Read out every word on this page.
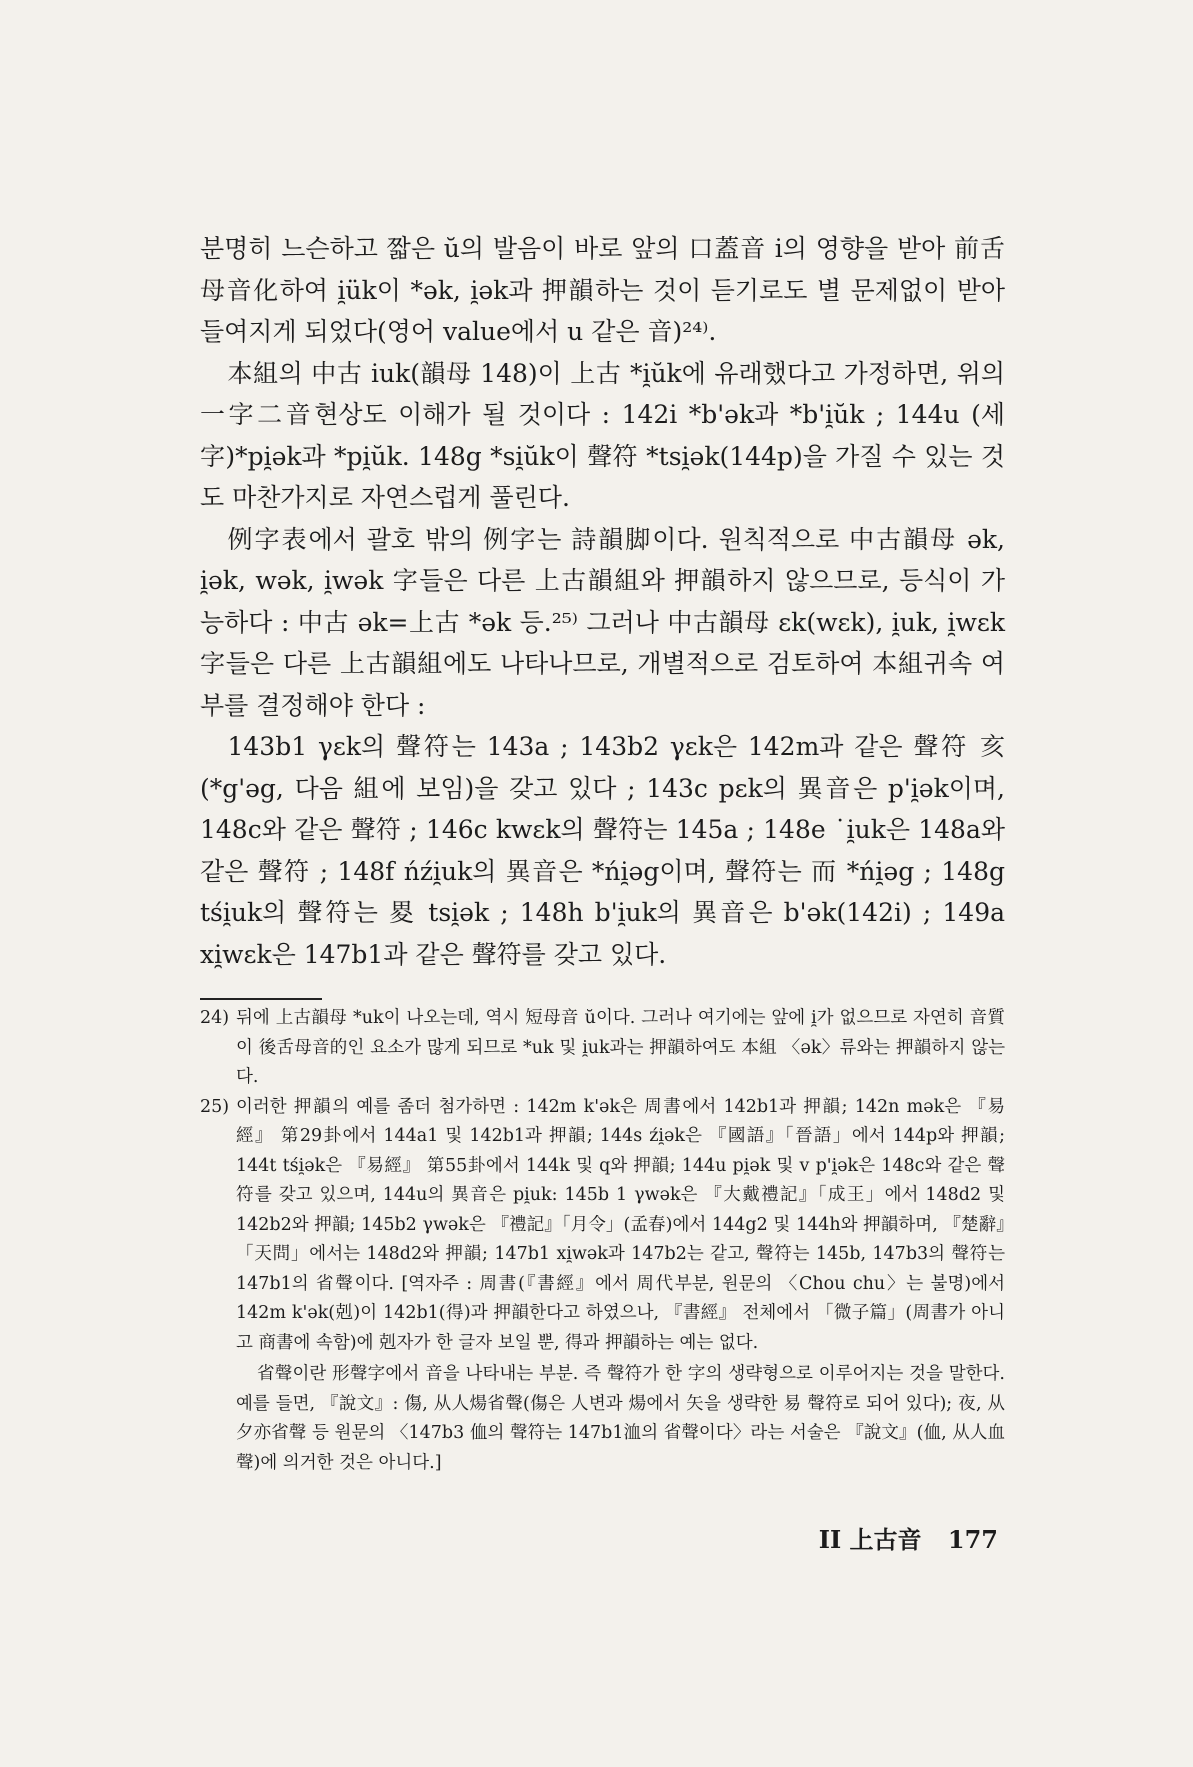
분명히 느슨하고 짧은 ŭ의 발음이 바로 앞의 口蓋音 i의 영향을 받아 前舌母音化하여 i̯ük이 *ək, i̯ək과 押韻하는 것이 듣기로도 별 문제없이 받아들여지게 되었다(영어 value에서 u 같은 音)²⁴⁾.

本組의 中古 iuk(韻母 148)이 上古 *i̯ŭk에 유래했다고 가정하면, 위의 一字二音현상도 이해가 될 것이다 : 142i *b'ək과 *b'i̯ŭk ; 144u (세字)*pi̯ək과 *pi̯ŭk. 148g *si̯ŭk이 聲符 *tsi̯ək(144p)을 가질 수 있는 것도 마찬가지로 자연스럽게 풀린다.

例字表에서 괄호 밖의 例字는 詩韻脚이다. 원칙적으로 中古韻母 ək, i̯ək, wək, i̯wək 字들은 다른 上古韻組와 押韻하지 않으므로, 등식이 가능하다 : 中古 ək=上古 *ək 등.²⁵⁾ 그러나 中古韻母 ɛk(wɛk), i̯uk, i̯wɛk字들은 다른 上古韻組에도 나타나므로, 개별적으로 검토하여 本組귀속 여부를 결정해야 한다 :

143b1 γɛk의 聲符는 143a ; 143b2 γɛk은 142m과 같은 聲符 亥(*g'əg, 다음 組에 보임)을 갖고 있다 ; 143c pɛk의 異音은 p'i̯ək이며, 148c와 같은 聲符 ; 146c kwɛk의 聲符는 145a ; 148e ˙i̯uk은 148a와 같은 聲符 ; 148f ńźi̯uk의 異音은 *ńi̯əg이며, 聲符는 而 *ńi̯əg ; 148g tśi̯uk의 聲符는 畟 tsi̯ək ; 148h b'i̯uk의 異音은 b'ək(142i) ; 149a xi̯wɛk은 147b1과 같은 聲符를 갖고 있다.

24) 뒤에 上古韻母 *uk이 나오는데, 역시 短母音 ŭ이다. 그러나 여기에는 앞에 i̯가 없으므로 자연히 音質이 後舌母音的인 요소가 많게 되므로 *uk 및 i̯uk과는 押韻하여도 本組 〈ək〉류와는 押韻하지 않는다.
25) 이러한 押韻의 예를 좀더 첨가하면 : 142m k'ək은 周書에서 142b1과 押韻; 142n mək은 『易經』 第29卦에서 144a1 및 142b1과 押韻; 144s źi̯ək은 『國語』「晉語」에서 144p와 押韻; 144t tśi̯ək은 『易經』 第55卦에서 144k 및 q와 押韻; 144u pi̯ək 및 v p'i̯ək은 148c와 같은 聲符를 갖고 있으며, 144u의 異音은 pi̯uk: 145b 1 γwək은 『大戴禮記』「成王」에서 148d2 및 142b2와 押韻; 145b2 γwək은 『禮記』「月令」(孟春)에서 144g2 및 144h와 押韻하며, 『楚辭』「天問」에서는 148d2와 押韻; 147b1 xi̯wək과 147b2는 같고, 聲符는 145b, 147b3의 聲符는 147b1의 省聲이다. [역자주 : 周書(『書經』에서 周代부분, 원문의 〈Chou chu〉는 불명)에서 142m k'ək(剋)이 142b1(得)과 押韻한다고 하였으나, 『書經』 전체에서 「微子篇」(周書가 아니고 商書에 속함)에 剋자가 한 글자 보일 뿐, 得과 押韻하는 예는 없다.
省聲이란 形聲字에서 音을 나타내는 부분. 즉 聲符가 한 字의 생략형으로 이루어지는 것을 말한다. 예를 들면, 『說文』: 傷, 从人煬省聲(傷은 人변과 煬에서 矢을 생략한 易 聲符로 되어 있다); 夜, 从夕亦省聲 등 원문의 〈147b3 侐의 聲符는 147b1洫의 省聲이다〉라는 서술은 『說文』(侐, 从人血聲)에 의거한 것은 아니다.]
II 上古音 177
